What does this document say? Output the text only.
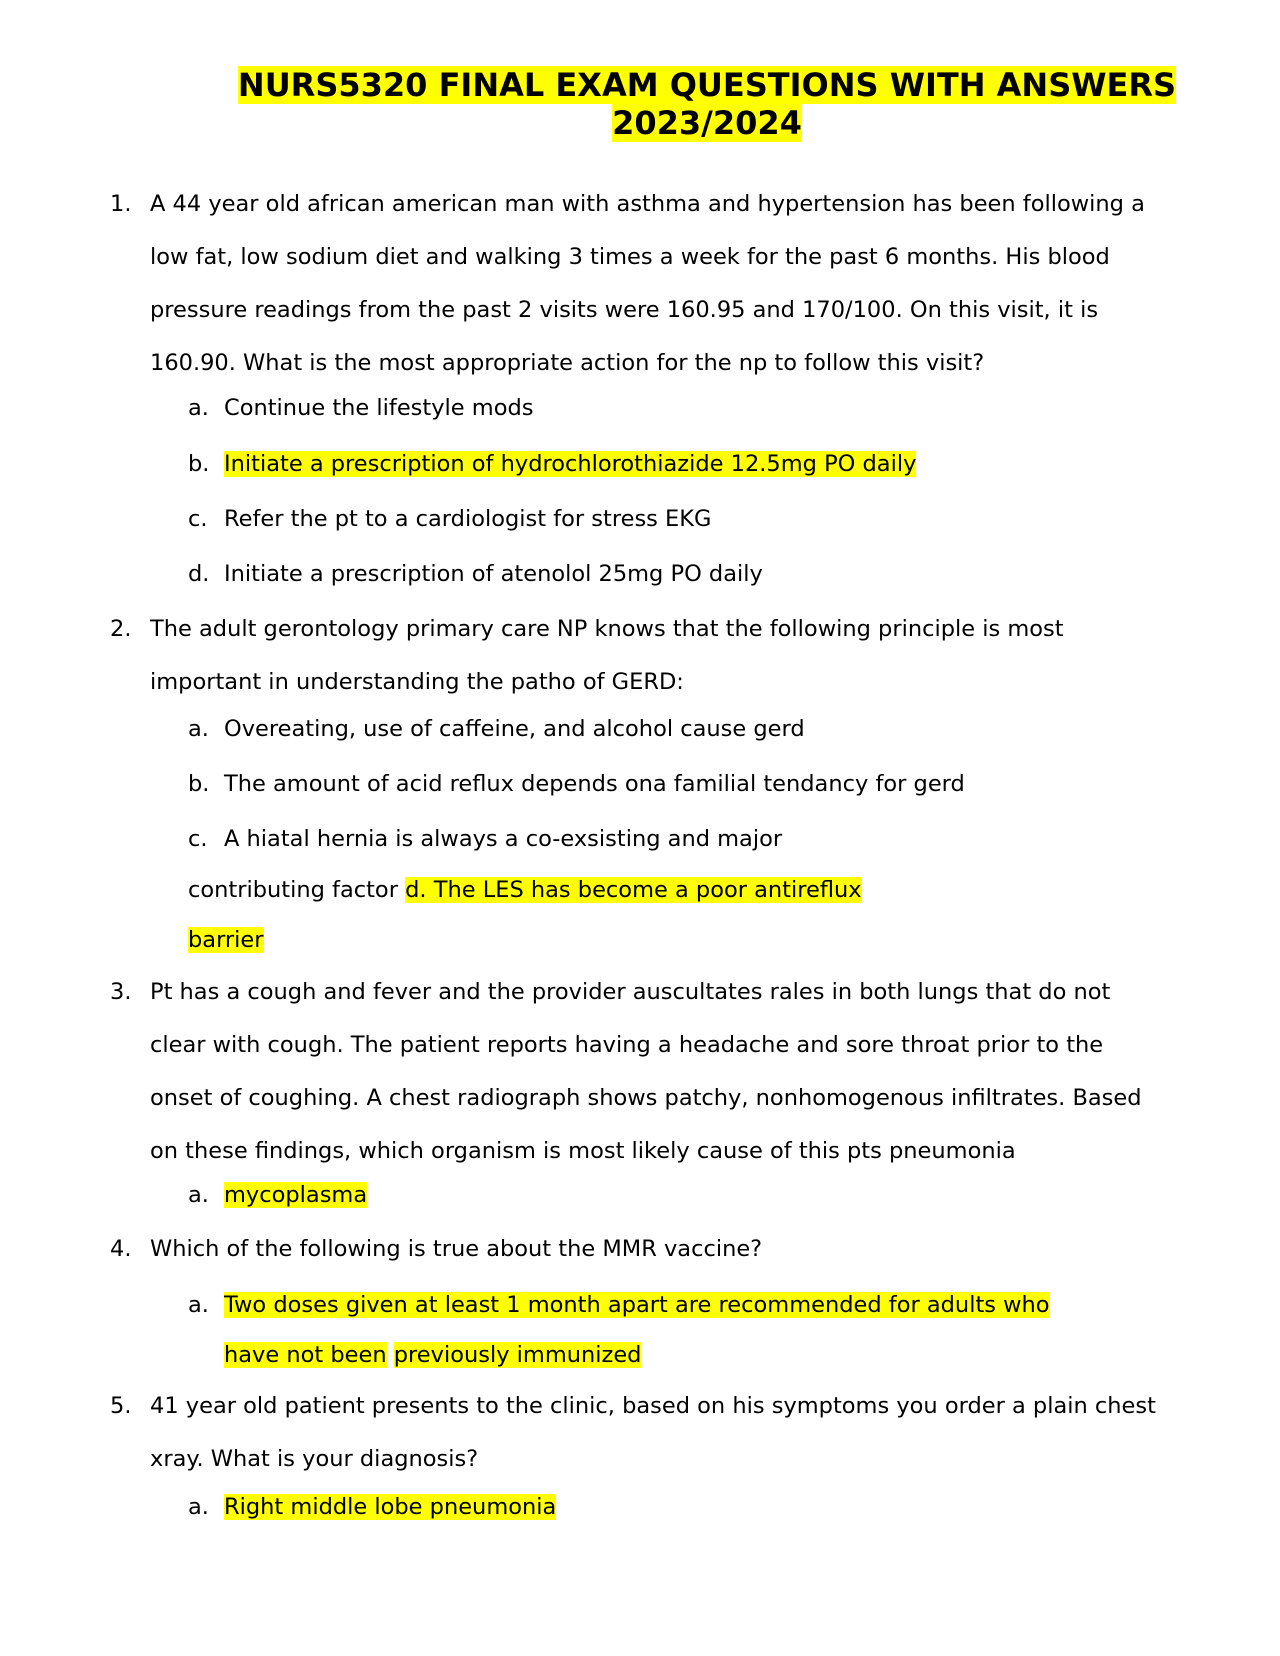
NURS5320 FINAL EXAM QUESTIONS WITH ANSWERS
2023/2024
1. A 44 year old african american man with asthma and hypertension has been following a
low fat, low sodium diet and walking 3 times a week for the past 6 months. His blood
pressure readings from the past 2 visits were 160.95 and 170/100. On this visit, it is
160.90. What is the most appropriate action for the np to follow this visit?
a. Continue the lifestyle mods
b. Initiate a prescription of hydrochlorothiazide 12.5mg PO daily
c. Refer the pt to a cardiologist for stress EKG
d. Initiate a prescription of atenolol 25mg PO daily
2. The adult gerontology primary care NP knows that the following principle is most
important in understanding the patho of GERD:
a. Overeating, use of caffeine, and alcohol cause gerd
b. The amount of acid reflux depends ona familial tendancy for gerd
c. A hiatal hernia is always a co-exsisting and major
contributing factor d. The LES has become a poor antireflux
barrier
3. Pt has a cough and fever and the provider auscultates rales in both lungs that do not
clear with cough. The patient reports having a headache and sore throat prior to the
onset of coughing. A chest radiograph shows patchy, nonhomogenous infiltrates. Based
on these findings, which organism is most likely cause of this pts pneumonia
a. mycoplasma
4. Which of the following is true about the MMR vaccine?
a. Two doses given at least 1 month apart are recommended for adults who
have not been previously immunized
5. 41 year old patient presents to the clinic, based on his symptoms you order a plain chest
xray. What is your diagnosis?
a. Right middle lobe pneumonia
